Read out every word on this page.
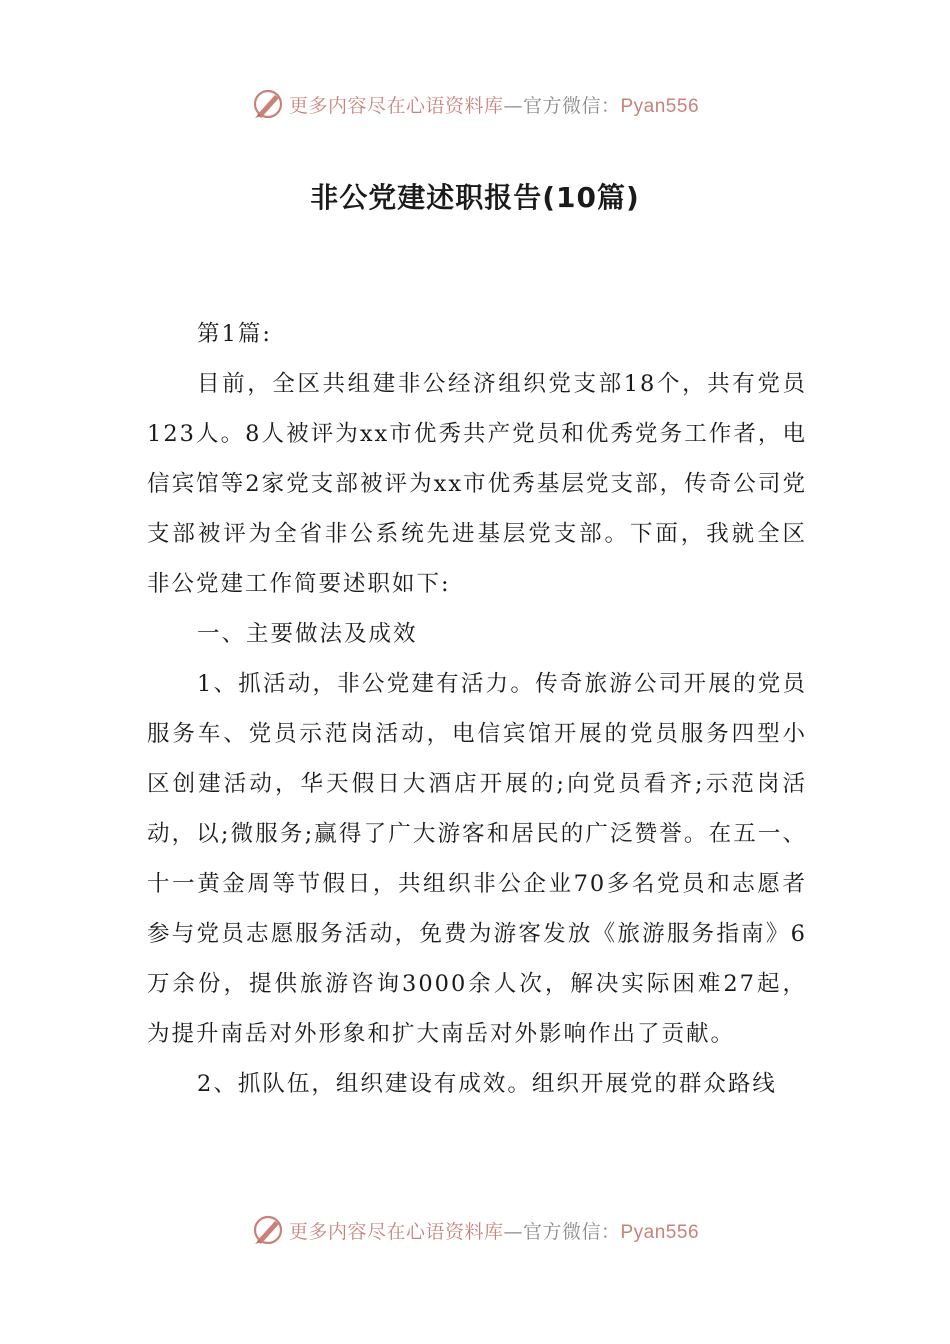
更多内容尽在心语资料库—官方微信：Pyan556
非公党建述职报告(10篇)

第1篇:

目前，全区共组建非公经济组织党支部18个，共有党员123人。8人被评为xx市优秀共产党员和优秀党务工作者，电信宾馆等2家党支部被评为xx市优秀基层党支部，传奇公司党支部被评为全省非公系统先进基层党支部。下面，我就全区非公党建工作简要述职如下:

一、主要做法及成效

1、抓活动，非公党建有活力。传奇旅游公司开展的党员服务车、党员示范岗活动，电信宾馆开展的党员服务四型小区创建活动，华天假日大酒店开展的;向党员看齐;示范岗活动，以;微服务;赢得了广大游客和居民的广泛赞誉。在五一、十一黄金周等节假日，共组织非公企业70多名党员和志愿者参与党员志愿服务活动，免费为游客发放《旅游服务指南》6万余份，提供旅游咨询3000余人次，解决实际困难27起，为提升南岳对外形象和扩大南岳对外影响作出了贡献。

2、抓队伍，组织建设有成效。组织开展党的群众路线

更多内容尽在心语资料库—官方微信：Pyan556
